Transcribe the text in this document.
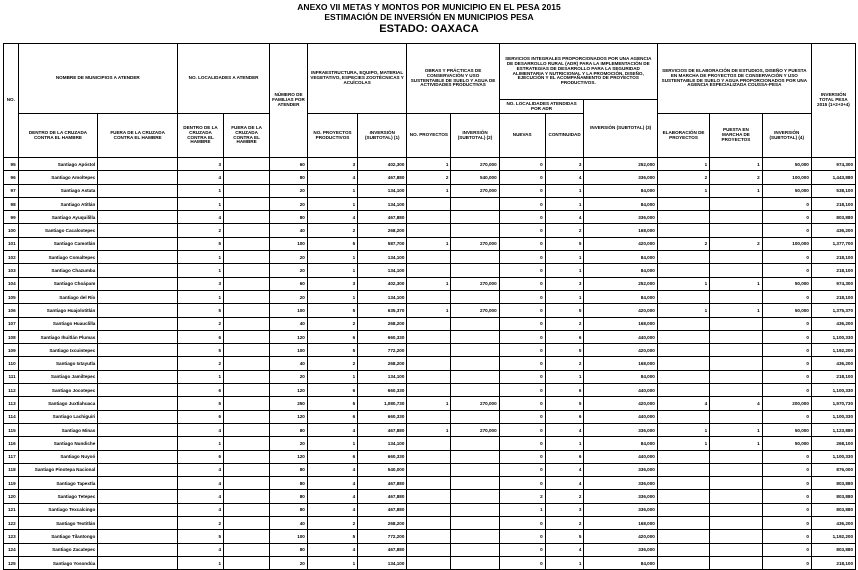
ANEXO VII METAS Y MONTOS POR MUNICIPIO EN EL PESA 2015
ESTIMACIÓN DE INVERSIÓN EN MUNICIPIOS PESA
ESTADO: OAXACA
NO.	NOMBRE DE MUNICIPIOS A ATENDER		NO. LOCALIDADES A ATENDER		NÚMERO DE FAMILIAS POR ATENDER	INFRAESTRUCTURA, EQUIPO, MATERIAL VEGETATIVO, ESPECIES ZOOTÉCNICAS Y ACUÍCOLAS		OBRAS Y PRÁCTICAS DE CONSERVACIÓN Y USO SUSTENTABLE DE SUELO Y AGUA DE ACTIVIDADES PRODUCTIVAS		SERVICIOS INTEGRALES PROPORCIONADOS POR UNA AGENCIA DE DESARROLLO RURAL (ADR) PARA LA IMPLEMENTACIÓN DE ESTRATEGIAS DE DESARROLLO PARA LA SEGURIDAD ALIMENTARIA Y NUTRICIONAL Y LA PROMOCIÓN, DISEÑO, EJECUCIÓN Y EL ACOMPAÑAMIENTO DE PROYECTOS PRODUCTIVOS.			SERVICIOS DE ELABORACIÓN DE ESTUDIOS, DISEÑO Y PUESTA EN MARCHA DE PROYECTOS DE CONSERVACIÓN Y USO SUSTENTABLE DE SUELO Y AGUA PROPORCIONADOS POR UNA AGENCIA ESPECIALIZADA COUSSA-PESA			INVERSIÓN TOTAL PESA 2015 (1+2+3+4)
										NO. LOCALIDADES ATENDIDAS POR ADR		INVERSIÓN (SUBTOTAL) (3)				
	DENTRO DE LA CRUZADA CONTRA EL HAMBRE	FUERA DE LA CRUZADA CONTRA EL HAMBRE	DENTRO DE LA CRUZADA CONTRA EL HAMBRE	FUERA DE LA CRUZADA CONTRA EL HAMBRE		NO. PROYECTOS PRODUCTIVOS	INVERSIÓN (SUBTOTAL) (1)	NO. PROYECTOS	INVERSIÓN (SUBTOTAL) (2)	NUEVAS	CONTINUIDAD		ELABORACIÓN DE PROYECTOS	PUESTA EN MARCHA DE PROYECTOS	INVERSIÓN (SUBTOTAL) (4)	
95	Santiago Apóstol		3		60	3	402,300	1	270,000	0	3	252,000	1	1	50,000	974,300
96	Santiago Amoltepec		4		80	4	467,880	2	540,000	0	4	336,000	2	2	100,000	1,443,880
97	Santiago Astata		1		20	1	134,100	1	270,000	0	1	84,000	1	1	50,000	538,100
98	Santiago Atitlán		1		20	1	134,100			0	1	84,000			0	218,100
99	Santiago Ayuquililla		4		80	4	467,880			0	4	336,000			0	803,880
100	Santiago Cacaloxtepec		2		40	2	268,200			0	2	168,000			0	436,200
101	Santiago Camotlán		5		100	5	587,700	1	270,000	0	5	420,000	2	2	100,000	1,377,700
102	Santiago Comaltepec		1		20	1	134,100			0	1	84,000			0	218,100
103	Santiago Chazumba		1		20	1	134,100			0	1	84,000			0	218,100
104	Santiago Choápam		3		60	3	402,300	1	270,000	0	3	252,000	1	1	50,000	974,300
105	Santiago del Río		1		20	1	134,100			0	1	84,000			0	218,100
106	Santiago Huajolotitlán		5		100	5	635,370	1	270,000	0	5	420,000	1	1	50,000	1,375,370
107	Santiago Huauclilla		2		40	2	268,200			0	2	168,000			0	436,200
108	Santiago Ihuitlán Plumas		6		120	6	660,330			0	6	440,000			0	1,100,330
109	Santiago Ixcuintepec		5		100	5	772,200			0	5	420,000			0	1,192,200
110	Santiago Ixtayutla		2		40	2	268,200			0	2	168,000			0	436,200
111	Santiago Jamiltepec		1		20	1	134,100			0	1	84,000			0	218,100
112	Santiago Jocotepec		6		120	6	660,330			0	6	440,000			0	1,100,330
113	Santiago Juxtlahuaca		5		250	5	1,080,730	1	270,000	0	5	420,000	4	4	200,000	1,970,730
114	Santiago Lachiguiri		6		120	6	660,330			0	6	440,000			0	1,100,330
115	Santiago Minas		4		80	4	467,880	1	270,000	0	4	336,000	1	1	50,000	1,123,880
116	Santiago Nundiche		1		20	1	134,100			0	1	84,000	1	1	50,000	268,100
117	Santiago Nuyoó		6		120	6	660,330			0	6	440,000			0	1,100,330
118	Santiago Pinotepa Nacional		4		80	4	540,000			0	4	336,000			0	876,000
119	Santiago Tapextla		4		80	4	467,880			0	4	336,000			0	803,880
120	Santiago Tetepec		4		80	4	467,880			2	2	336,000			0	803,880
121	Santiago Texcalcingo		4		80	4	467,880			1	3	336,000			0	803,880
122	Santiago Textitlán		2		40	2	268,200			0	2	168,000			0	436,200
123	Santiago Tilantongo		5		100	5	772,200			0	5	420,000			0	1,192,200
124	Santiago Zacatepec		4		80	4	467,880			0	4	336,000			0	803,880
125	Santiago Yosondúa		1		20	1	134,100			0	1	84,000			0	218,100
